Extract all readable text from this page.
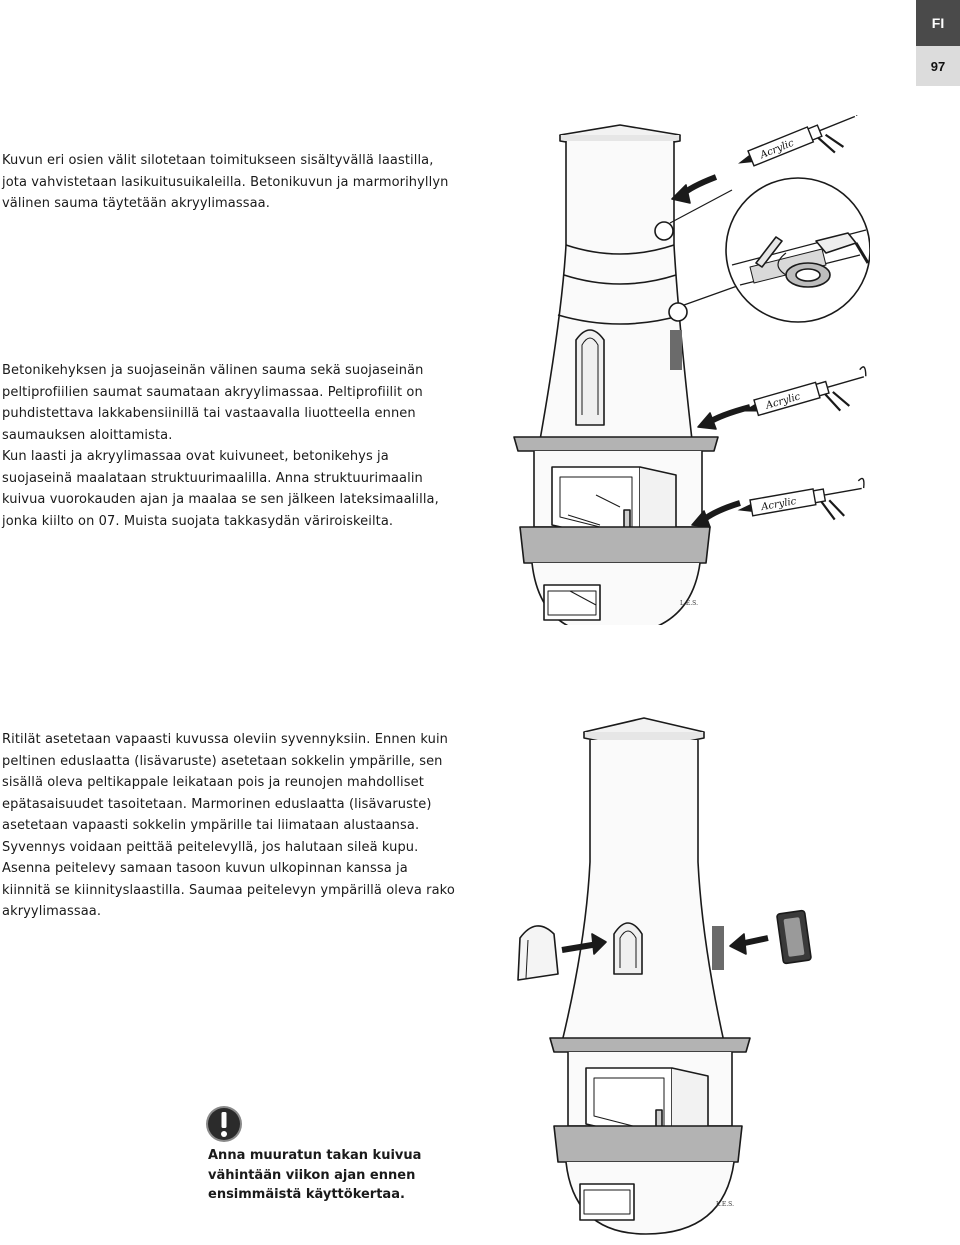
FI
97
Kuvun eri osien välit silotetaan toimitukseen sisältyvällä laastilla,
jota vahvistetaan lasikuitusuikaleilla. Betonikuvun ja marmorihyllyn
välinen sauma täytetään akryylimassaa.
Betonikehyksen ja suojaseinän välinen sauma sekä suojaseinän
peltiprofiilien saumat saumataan akryylimassaa. Peltiprofiilit on
puhdistettava lakkabensiinillä tai vastaavalla liuotteella ennen
saumauksen aloittamista.
Kun laasti ja akryylimassaa ovat kuivuneet, betonikehys ja
suojaseinä maalataan struktuurimaalilla. Anna struktuurimaalin
kuivua vuorokauden ajan ja maalaa se sen jälkeen lateksimaalilla,
jonka kiilto on 07. Muista suojata takkasydän väriroiskeilta.
Ritilät asetetaan vapaasti kuvussa oleviin syvennyksiin. Ennen kuin
peltinen eduslaatta (lisävaruste) asetetaan sokkelin ympärille, sen
sisällä oleva peltikappale leikataan pois ja reunojen mahdolliset
epätasaisuudet tasoitetaan. Marmorinen eduslaatta (lisävaruste)
asetetaan vapaasti sokkelin ympärille tai liimataan alustaansa.
Syvennys voidaan peittää peitelevyllä, jos halutaan sileä kupu.
Asenna peitelevy samaan tasoon kuvun ulkopinnan kanssa ja
kiinnitä se kiinnityslaastilla. Saumaa peitelevyn ympärillä oleva rako
akryylimassaa.
Acrylic
Acrylic
Acrylic
L.E.S.
L.E.S.
Anna muuratun takan kuivua
vähintään viikon ajan ennen
ensimmäistä käyttökertaa.
